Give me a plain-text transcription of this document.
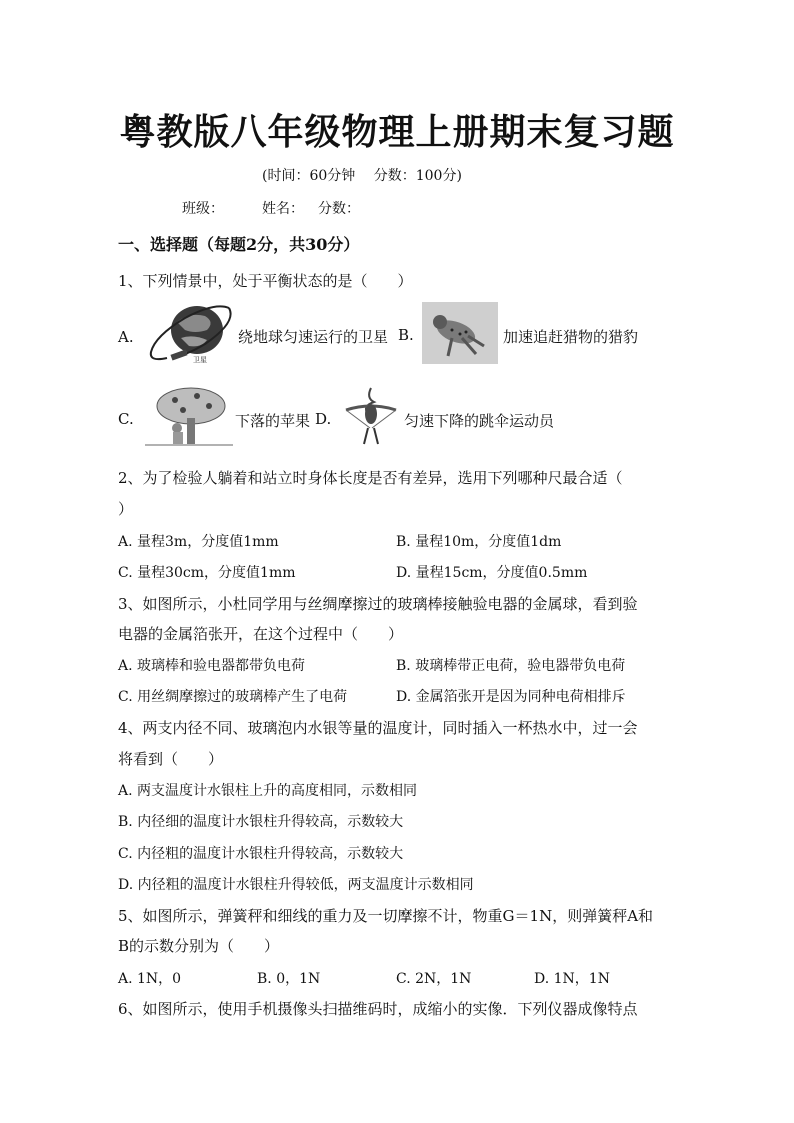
粤教版八年级物理上册期末复习题
(时间：60分钟　 分数：100分)
班级：	姓名： 分数：
一、选择题（每题2分，共30分）
1、下列情景中，处于平衡状态的是（　　）
A.
卫星
绕地球匀速运行的卫星 B.	加速追赶猎物的猎豹
C.	下落的苹果 D.	匀速下降的跳伞运动员
2、为了检验人躺着和站立时身体长度是否有差异，选用下列哪种尺最合适（
）
A. 量程3m，分度值1mm	B. 量程10m，分度值1dm
C. 量程30cm，分度值1mm	D. 量程15cm，分度值0.5mm
3、如图所示，小杜同学用与丝绸摩擦过的玻璃棒接触验电器的金属球，看到验
电器的金属箔张开，在这个过程中（　　）
A. 玻璃棒和验电器都带负电荷	B. 玻璃棒带正电荷，验电器带负电荷
C. 用丝绸摩擦过的玻璃棒产生了电荷	D. 金属箔张开是因为同种电荷相排斥
4、两支内径不同、玻璃泡内水银等量的温度计，同时插入一杯热水中，过一会
将看到（　　）
A. 两支温度计水银柱上升的高度相同，示数相同
B. 内径细的温度计水银柱升得较高，示数较大
C. 内径粗的温度计水银柱升得较高，示数较大
D. 内径粗的温度计水银柱升得较低，两支温度计示数相同
5、如图所示，弹簧秤和细线的重力及一切摩擦不计，物重G＝1N，则弹簧秤A和
B的示数分别为（　　）
A. 1N，0	B. 0，1N	C. 2N，1N	D. 1N，1N
6、如图所示，使用手机摄像头扫描维码时，成缩小的实像．下列仪器成像特点
